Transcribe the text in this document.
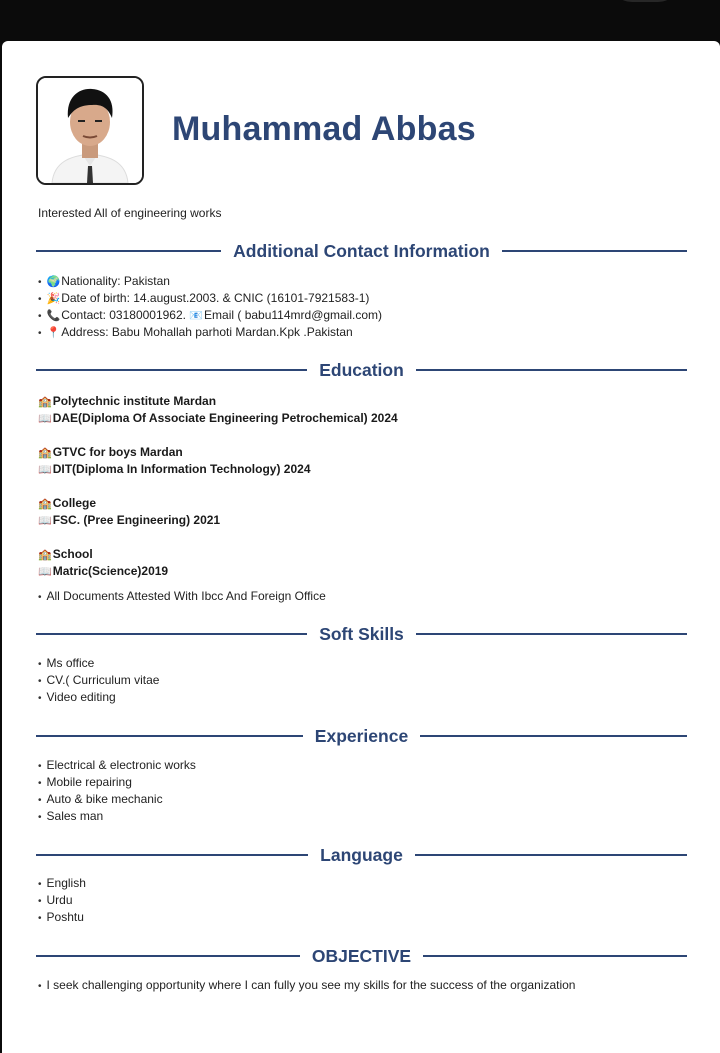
Muhammad Abbas
Interested All of engineering works
Additional Contact Information
• 🌍Nationality: Pakistan
• 🎉Date of birth: 14.august.2003. & CNIC (16101-7921583-1)
• 📞Contact: 03180001962. 📧Email ( babu114mrd@gmail.com)
• 📍Address: Babu Mohallah parhoti Mardan.Kpk .Pakistan
Education
🏫Polytechnic institute Mardan
📖DAE(Diploma Of Associate Engineering Petrochemical) 2024
🏫GTVC for boys Mardan
📖DIT(Diploma In Information Technology) 2024
🏫College
📖FSC. (Pree Engineering) 2021
🏫School
📖Matric(Science)2019
• All Documents Attested With Ibcc And Foreign Office
Soft Skills
• Ms office
• CV.( Curriculum vitae
• Video editing
Experience
• Electrical & electronic works
• Mobile repairing
• Auto & bike mechanic
• Sales man
Language
• English
• Urdu
• Poshtu
OBJECTIVE
• I seek challenging opportunity where I can fully you see my skills for the success of the organization
